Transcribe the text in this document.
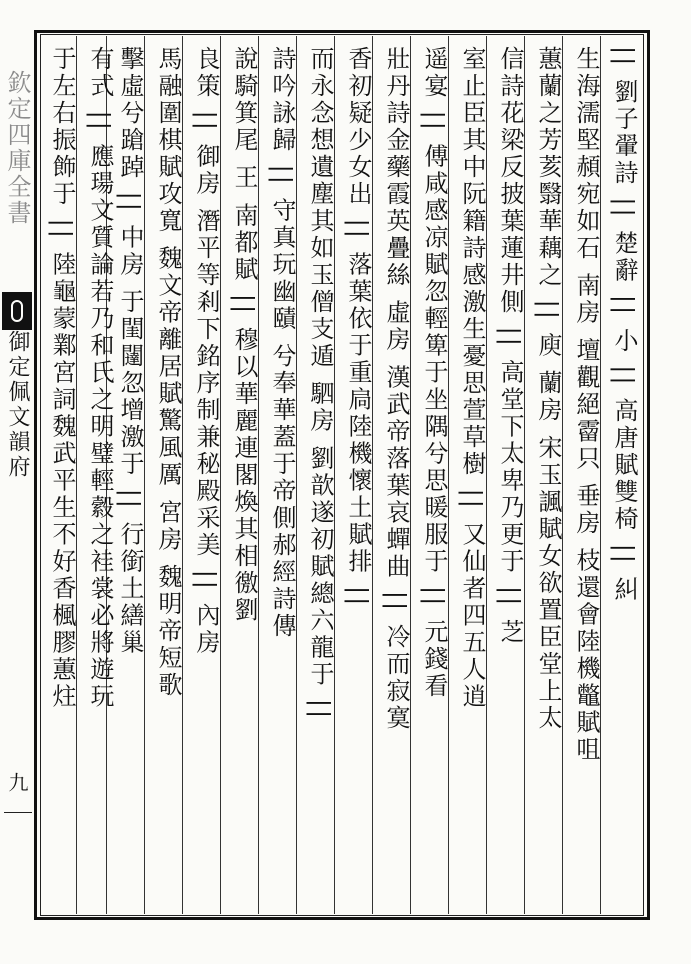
欽定四庫全書
御定佩文韻府
九
|| 劉子翬詩 || 楚辭 || 小 || 高唐賦雙椅 || 糾
生海濡堅頳宛如石 南房 壇觀絕霤只 垂房 枝還會陸機鼈賦咀
蕙蘭之芳荄翳華藕之 || 庾 蘭房 宋玉諷賦女欲置臣堂上太
信詩花梁反披葉蓮井側 || 高堂下太卑乃更于 || 芝
室止臣其中阮籍詩感激生憂思萱草樹 || 又仙者四五人逍
遥宴 || 傅咸感凉賦忽輕箄于坐隅兮思暖服于 || 元錢看
壯丹詩金藥霞英疊絲 虛房 漢武帝落葉哀蟬曲 || 冷而寂寞
香初疑少女出 || 落葉依于重扃陸機懷土賦排 ||
而永念想遺塵其如玉僧支遁 駟房 劉歆遂初賦總六龍于 ||
詩吟詠歸 || 守真玩幽賾 兮奉華蓋于帝側郝經詩傳
說騎箕尾 王 南都賦 || 穆以華麗連閣煥其相徼劉
良策 || 御房 潛平等剎下銘序制兼秘殿采美 || 內房
馬融圍棋賦攻寬 魏文帝離居賦驚風厲 宮房 魏明帝短歌
擊虛兮蹌踔 || 中房 于閨闥忽增激于 || 行銜土繕巢
有式 || 應瑒文質論若乃和氏之明璧輕縠之袿裳必將遊玩
于左右振飾于 || 陸龜蒙鄴宮詞魏武平生不好香楓膠蕙炷
